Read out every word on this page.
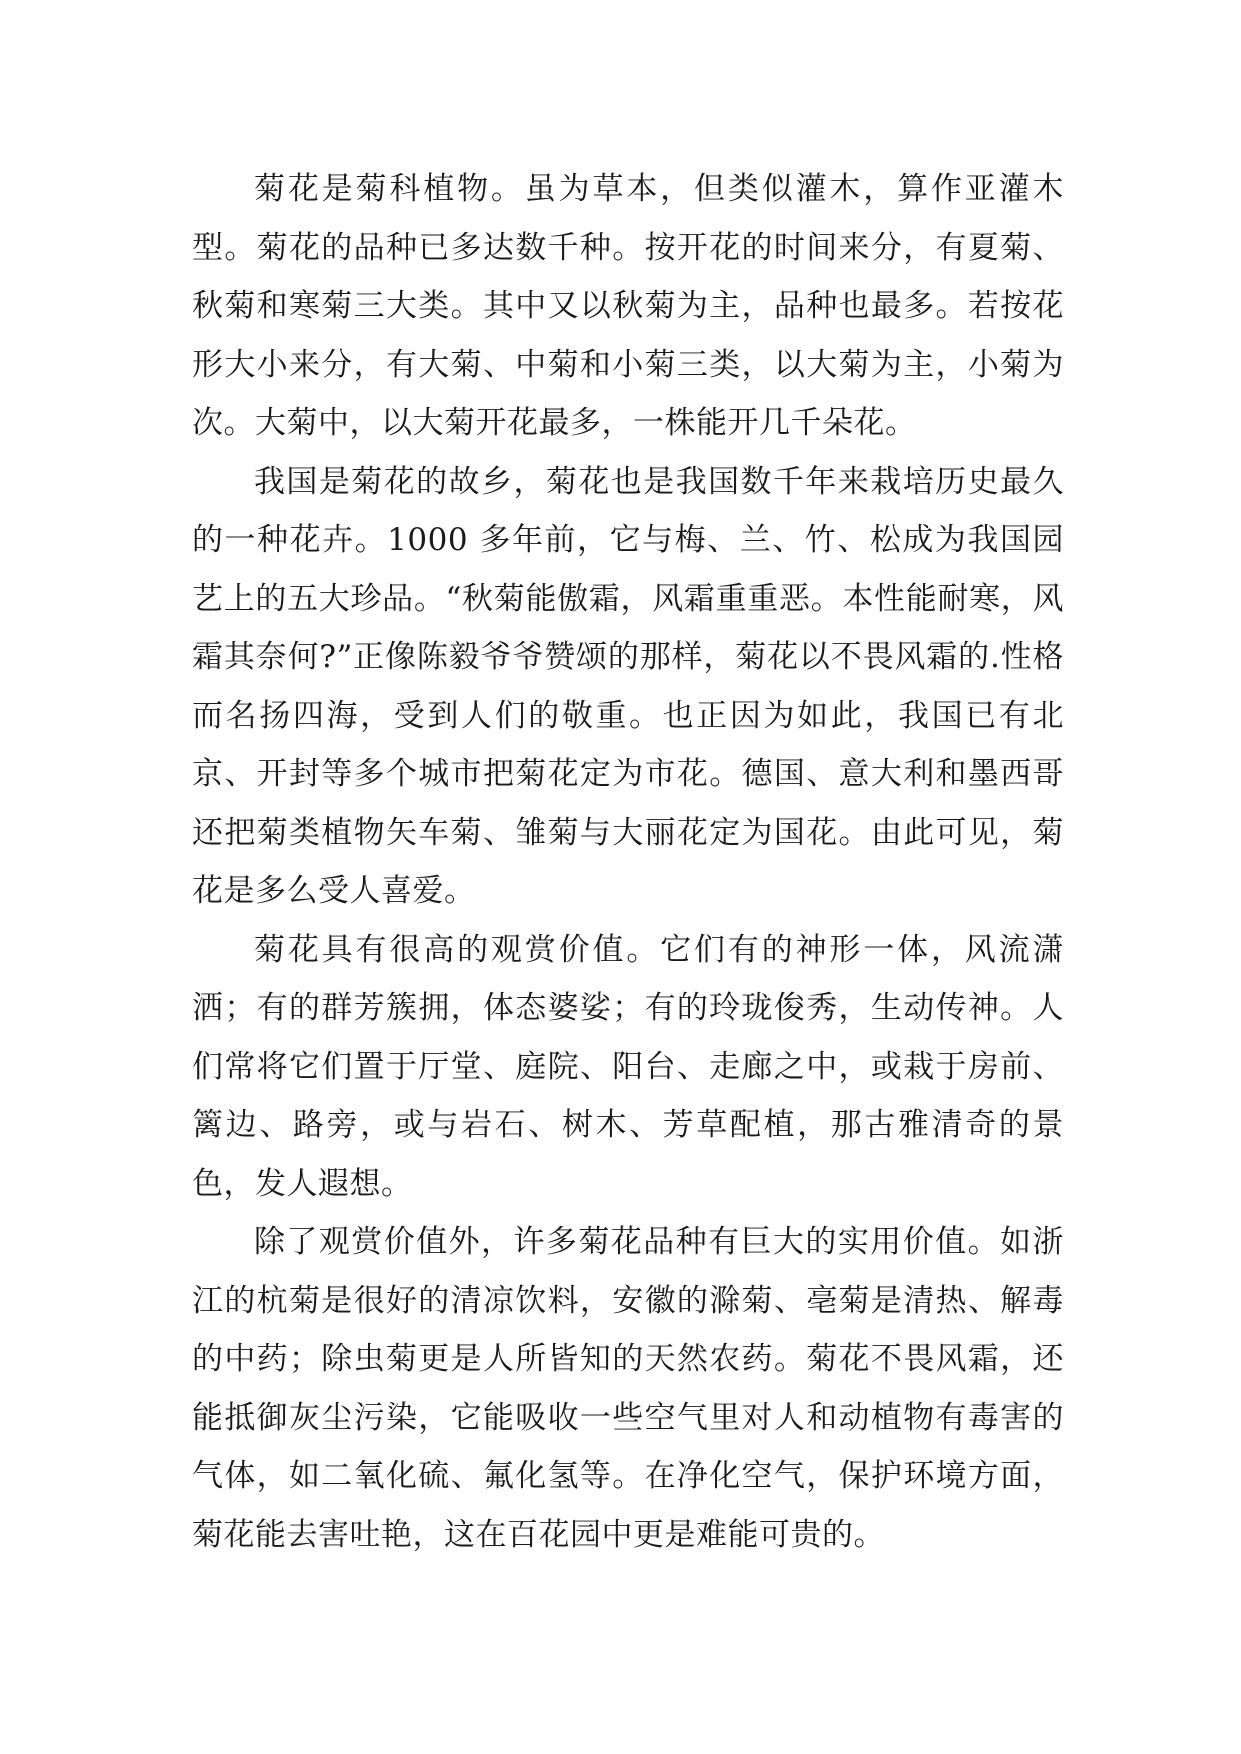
菊花是菊科植物。虽为草本，但类似灌木，算作亚灌木型。菊花的品种已多达数千种。按开花的时间来分，有夏菊、秋菊和寒菊三大类。其中又以秋菊为主，品种也最多。若按花形大小来分，有大菊、中菊和小菊三类，以大菊为主，小菊为次。大菊中，以大菊开花最多，一株能开几千朵花。

我国是菊花的故乡，菊花也是我国数千年来栽培历史最久的一种花卉。1000 多年前，它与梅、兰、竹、松成为我国园艺上的五大珍品。“秋菊能傲霜，风霜重重恶。本性能耐寒，风霜其奈何?”正像陈毅爷爷赞颂的那样，菊花以不畏风霜的.性格而名扬四海，受到人们的敬重。也正因为如此，我国已有北京、开封等多个城市把菊花定为市花。德国、意大利和墨西哥还把菊类植物矢车菊、雏菊与大丽花定为国花。由此可见，菊花是多么受人喜爱。

菊花具有很高的观赏价值。它们有的神形一体，风流潇洒；有的群芳簇拥，体态婆娑；有的玲珑俊秀，生动传神。人们常将它们置于厅堂、庭院、阳台、走廊之中，或栽于房前、篱边、路旁，或与岩石、树木、芳草配植，那古雅清奇的景色，发人遐想。

除了观赏价值外，许多菊花品种有巨大的实用价值。如浙江的杭菊是很好的清凉饮料，安徽的滁菊、亳菊是清热、解毒的中药；除虫菊更是人所皆知的天然农药。菊花不畏风霜，还能抵御灰尘污染，它能吸收一些空气里对人和动植物有毒害的气体，如二氧化硫、氟化氢等。在净化空气，保护环境方面，菊花能去害吐艳，这在百花园中更是难能可贵的。
